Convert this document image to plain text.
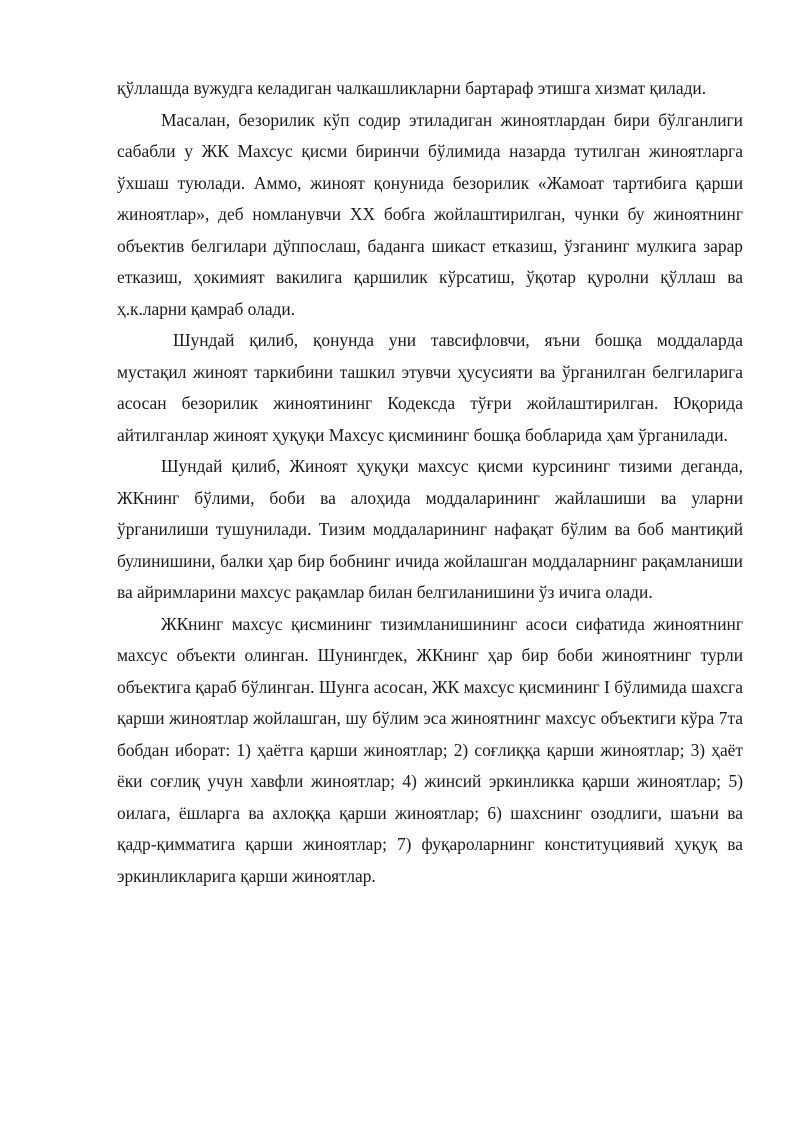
қўллашда вужудга келадиган чалкашликларни бартараф этишга хизмат қилади.

Масалан, безорилик кўп содир этиладиган жиноятлардан бири бўлганлиги сабабли у ЖК Махсус қисми биринчи бўлимида назарда тутилган жиноятларга ўхшаш туюлади. Аммо, жиноят қонунида безорилик «Жамоат тартибига қарши жиноятлар», деб номланувчи XX бобга жойлаштирилган, чунки бу жиноятнинг объектив белгилари дўппослаш, баданга шикаст етказиш, ўзганинг мулкига зарар етказиш, ҳокимият вакилига қаршилик кўрсатиш, ўқотар қуролни қўллаш ва ҳ.к.ларни қамраб олади.

Шундай қилиб, қонунда уни тавсифловчи, яъни бошқа моддаларда мустақил жиноят таркибини ташкил этувчи ҳусусияти ва ўрганилган белгиларига асосан безорилик жиноятининг Кодексда тўғри жойлаштирилган. Юқорида айтилганлар жиноят ҳуқуқи Махсус қисмининг бошқа бобларида ҳам ўрганилади.

Шундай қилиб, Жиноят ҳуқуқи махсус қисми курсининг тизими деганда, ЖКнинг бўлими, боби ва алоҳида моддаларининг жайлашиши ва уларни ўрганилиши тушунилади. Тизим моддаларининг нафақат бўлим ва боб мантиқий булинишини, балки ҳар бир бобнинг ичида жойлашган моддаларнинг рақамланиши ва айримларини махсус рақамлар билан белгиланишини ўз ичига олади.

ЖКнинг махсус қисмининг тизимланишининг асоси сифатида жиноятнинг махсус объекти олинган. Шунингдек, ЖКнинг ҳар бир боби жиноятнинг турли объектига қараб бўлинган. Шунга асосан, ЖК махсус қисмининг I бўлимида шахсга қарши жиноятлар жойлашган, шу бўлим эса жиноятнинг махсус объектиги кўра 7та бобдан иборат: 1) ҳаётга қарши жиноятлар; 2) соғлиққа қарши жиноятлар; 3) ҳаёт ёки соғлиқ учун хавфли жиноятлар; 4) жинсий эркинликка қарши жиноятлар; 5) оилага, ёшларга ва ахлоққа қарши жиноятлар; 6) шахснинг озодлиги, шаъни ва қадр-қимматига қарши жиноятлар; 7) фуқароларнинг конституциявий ҳуқуқ ва эркинликларига қарши жиноятлар.
